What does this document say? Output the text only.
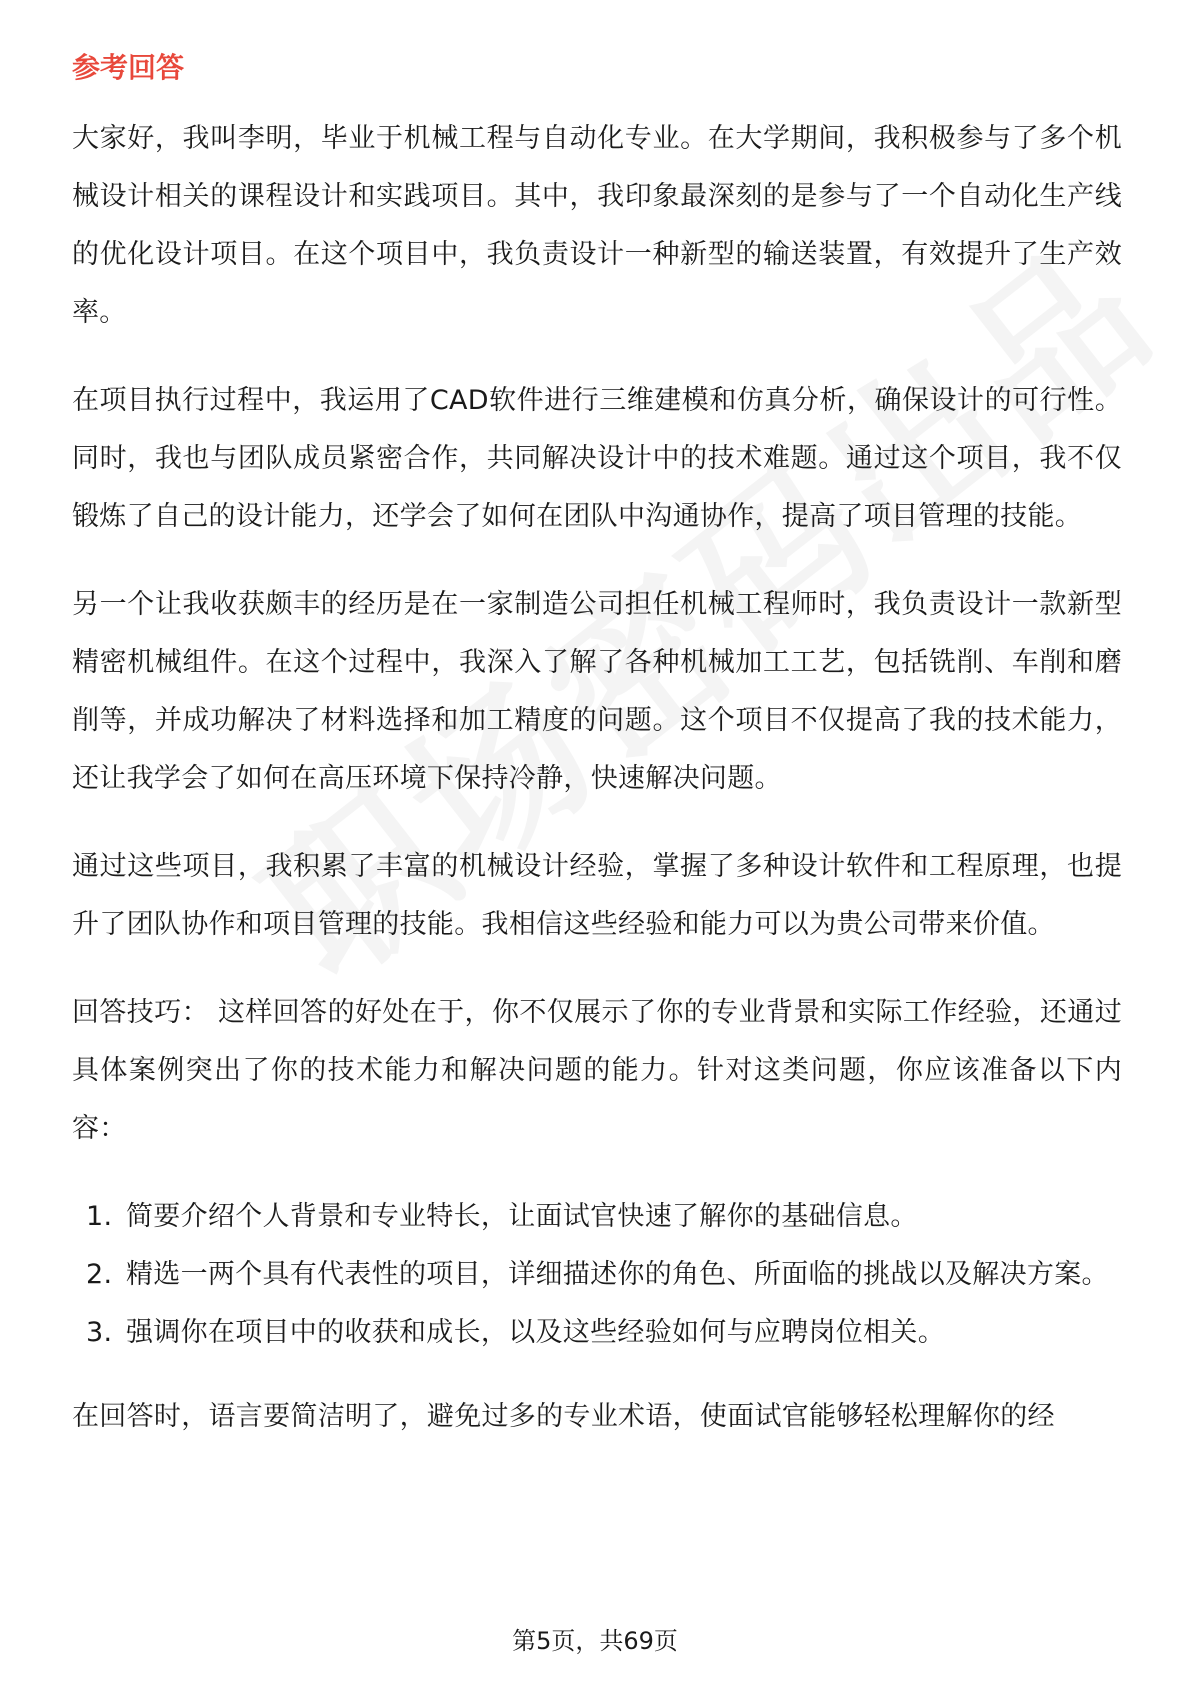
参考回答

大家好，我叫李明，毕业于机械工程与自动化专业。在大学期间，我积极参与了多个机械设计相关的课程设计和实践项目。其中，我印象最深刻的是参与了一个自动化生产线的优化设计项目。在这个项目中，我负责设计一种新型的输送装置，有效提升了生产效率。

在项目执行过程中，我运用了CAD软件进行三维建模和仿真分析，确保设计的可行性。同时，我也与团队成员紧密合作，共同解决设计中的技术难题。通过这个项目，我不仅锻炼了自己的设计能力，还学会了如何在团队中沟通协作，提高了项目管理的技能。

另一个让我收获颇丰的经历是在一家制造公司担任机械工程师时，我负责设计一款新型精密机械组件。在这个过程中，我深入了解了各种机械加工工艺，包括铣削、车削和磨削等，并成功解决了材料选择和加工精度的问题。这个项目不仅提高了我的技术能力，还让我学会了如何在高压环境下保持冷静，快速解决问题。

通过这些项目，我积累了丰富的机械设计经验，掌握了多种设计软件和工程原理，也提升了团队协作和项目管理的技能。我相信这些经验和能力可以为贵公司带来价值。

回答技巧： 这样回答的好处在于，你不仅展示了你的专业背景和实际工作经验，还通过具体案例突出了你的技术能力和解决问题的能力。针对这类问题，你应该准备以下内容：

1. 简要介绍个人背景和专业特长，让面试官快速了解你的基础信息。
2. 精选一两个具有代表性的项目，详细描述你的角色、所面临的挑战以及解决方案。
3. 强调你在项目中的收获和成长，以及这些经验如何与应聘岗位相关。

在回答时，语言要简洁明了，避免过多的专业术语，使面试官能够轻松理解你的经

第5页，共69页
